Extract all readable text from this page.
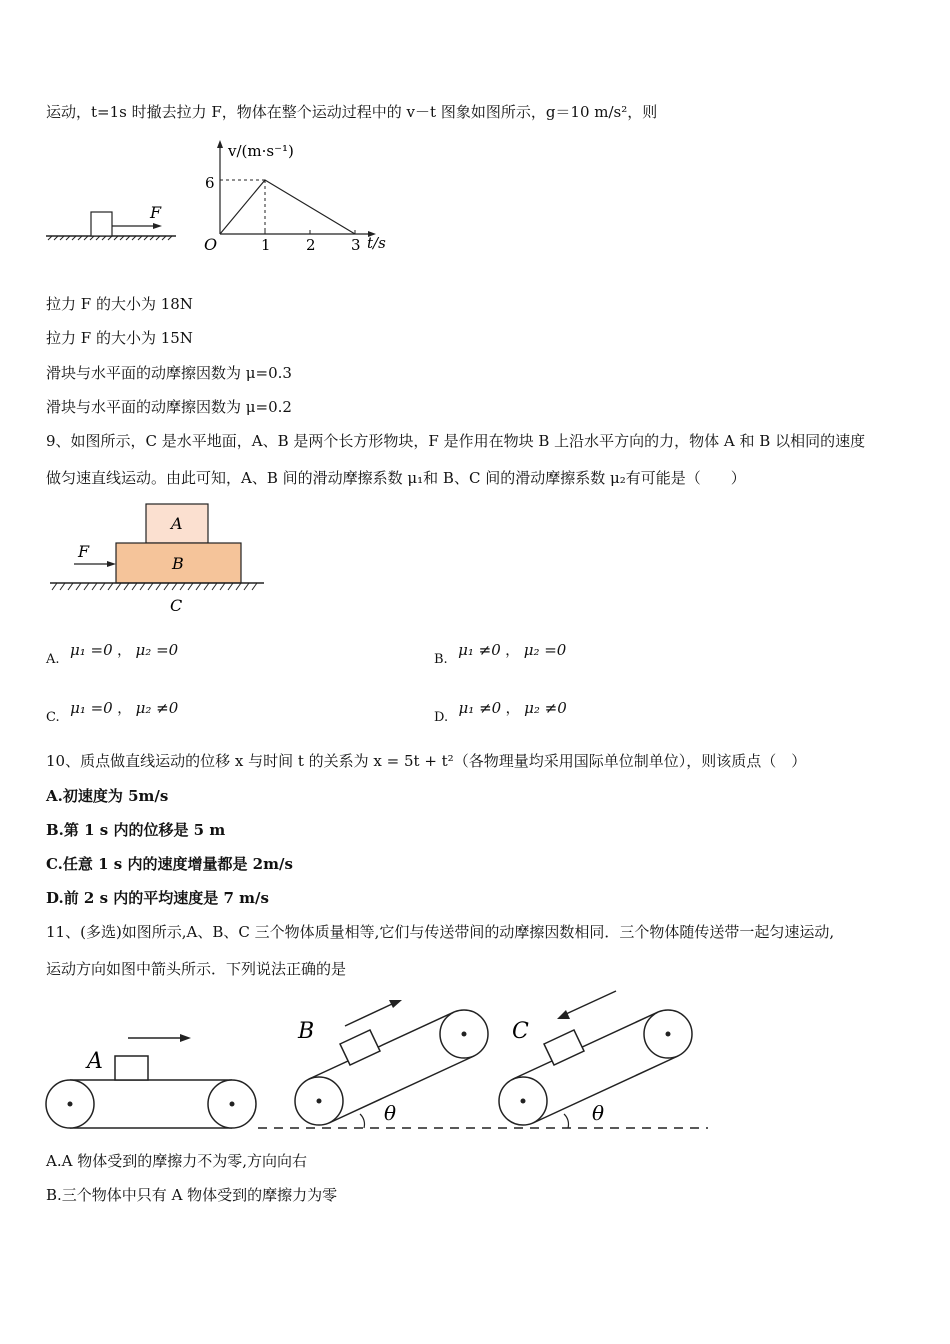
运动，t=1s 时撤去拉力 F，物体在整个运动过程中的 v－t 图象如图所示，g＝10 m/s²，则
F
v/(m·s⁻¹)
t/s
O
6
1 2 3
拉力 F 的大小为 18N
拉力 F 的大小为 15N
滑块与水平面的动摩擦因数为 μ=0.3
滑块与水平面的动摩擦因数为 μ=0.2
9、如图所示，C 是水平地面，A、B 是两个长方形物块，F 是作用在物块 B 上沿水平方向的力，物体 A 和 B 以相同的速度
做匀速直线运动。由此可知，A、B 间的滑动摩擦系数 μ₁和 B、C 间的滑动摩擦系数 μ₂有可能是（　　）
A
B
C
F
A. μ₁ =0 ， μ₂ =0
B. μ₁ ≠0 ， μ₂ =0
C. μ₁ =0 ， μ₂ ≠0
D. μ₁ ≠0 ， μ₂ ≠0
10、质点做直线运动的位移 x 与时间 t 的关系为 x = 5t + t²（各物理量均采用国际单位制单位），则该质点（　）
A.初速度为 5m/s
B.第 1 s 内的位移是 5 m
C.任意 1 s 内的速度增量都是 2m/s
D.前 2 s 内的平均速度是 7 m/s
11、(多选)如图所示,A、B、C 三个物体质量相等,它们与传送带间的动摩擦因数相同．三个物体随传送带一起匀速运动,
运动方向如图中箭头所示．下列说法正确的是
A
B
θ
C
θ
A.A 物体受到的摩擦力不为零,方向向右
B.三个物体中只有 A 物体受到的摩擦力为零
